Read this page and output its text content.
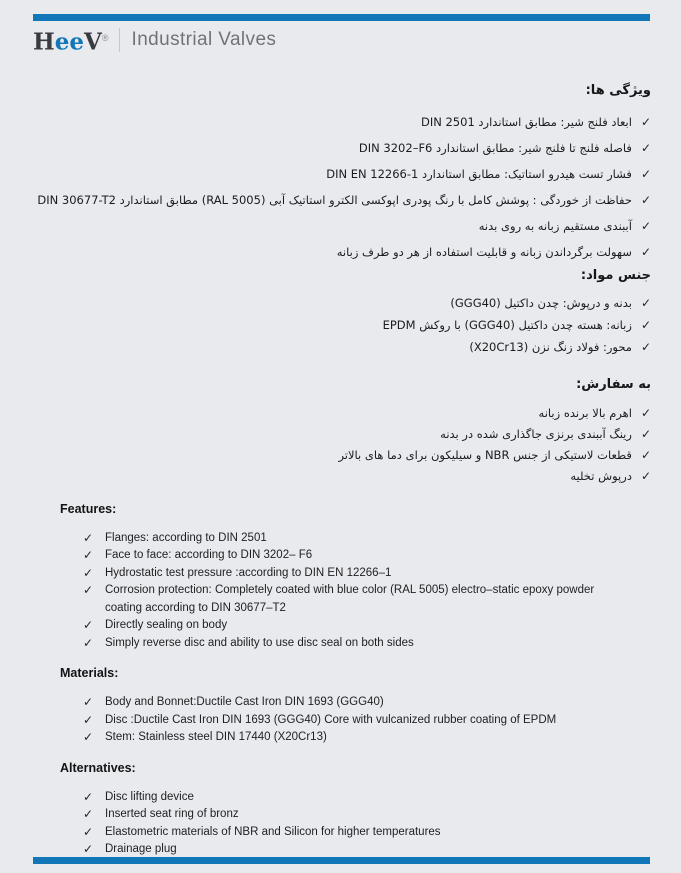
HeeV® Industrial Valves
ویژگی ها:
✓
ابعاد فلنج شیر: مطابق استاندارد DIN 2501
✓
فاصله فلنج تا فلنج شیر: مطابق استاندارد DIN 3202–F6
✓
فشار تست هیدرو استاتیک: مطابق استاندارد DIN EN 12266-1
✓
حفاظت از خوردگی : پوشش کامل با رنگ پودری اپوکسی الکترو استاتیک آبی (RAL 5005) مطابق استاندارد DIN 30677-T2
✓
آببندی مستقیم زبانه به روی بدنه
✓
سهولت برگرداندن زبانه و قابلیت استفاده از هر دو طرف زبانه
جنس مواد:
✓
بدنه و درپوش: چدن داکتیل (GGG40)
✓
زبانه: هسته چدن داکتیل (GGG40) با روکش EPDM
✓
محور: فولاد زنگ نزن (X20Cr13)
به سفارش:
✓
اهرم بالا برنده زبانه
✓
رینگ آببندی برنزی جاگذاری شده در بدنه
✓
قطعات لاستیکی از جنس NBR و سیلیکون برای دما های بالاتر
✓
درپوش تخلیه
Features:
✓ Flanges: according to DIN 2501
✓ Face to face: according to DIN 3202– F6
✓ Hydrostatic test pressure :according to DIN EN 12266–1
✓ Corrosion protection: Completely coated with blue color (RAL 5005) electro–static epoxy powder coating according to DIN 30677–T2
✓ Directly sealing on body
✓ Simply reverse disc and ability to use disc seal on both sides
Materials:
✓ Body and Bonnet:Ductile Cast Iron DIN 1693 (GGG40)
✓ Disc :Ductile Cast Iron DIN 1693 (GGG40) Core with vulcanized rubber coating of EPDM
✓ Stem: Stainless steel DIN 17440 (X20Cr13)
Alternatives:
✓ Disc lifting device
✓ Inserted seat ring of bronz
✓ Elastometric materials of NBR and Silicon for higher temperatures
✓ Drainage plug
